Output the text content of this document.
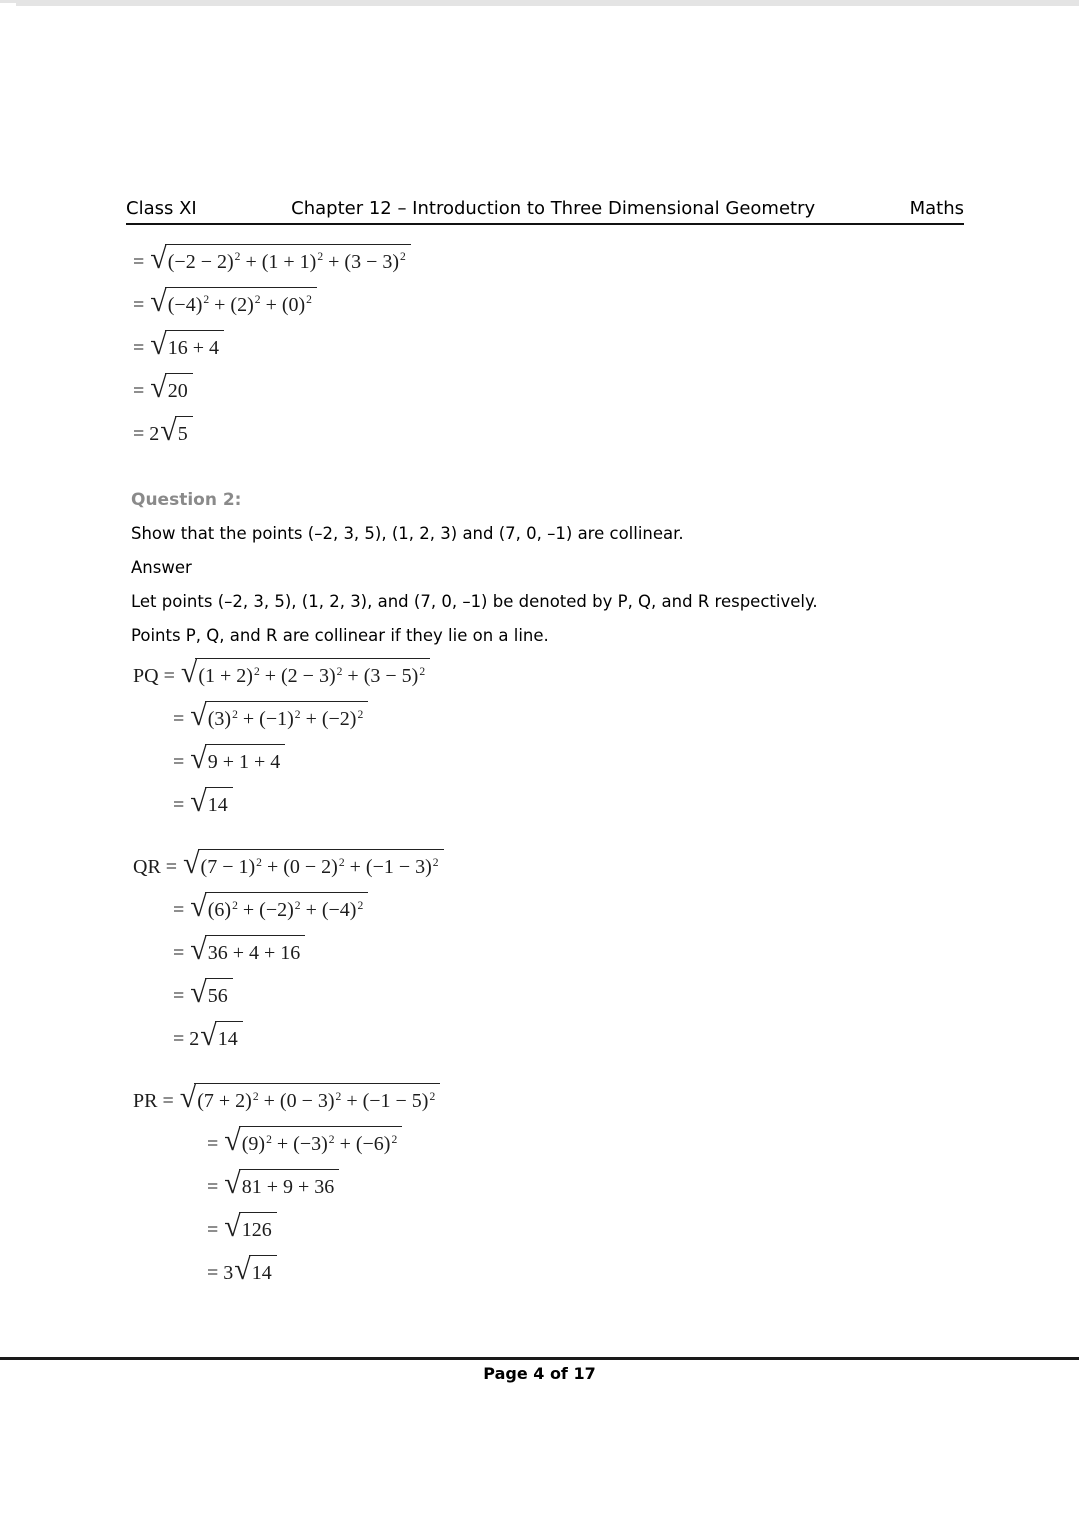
Class XI	Chapter 12 – Introduction to Three Dimensional Geometry	Maths
= √ $(-2 - 2)^2 + (1 + 1)^2 + (3 - 3)^2$
= √ $(-4)^2 + (2)^2 + (0)^2$
= √ 16 + 4
= √ 20
= 2 √ 5
Question 2:

Show that the points (–2, 3, 5), (1, 2, 3) and (7, 0, –1) are collinear.

Answer

Let points (–2, 3, 5), (1, 2, 3), and (7, 0, –1) be denoted by P, Q, and R respectively.

Points P, Q, and R are collinear if they lie on a line.

PQ = √ $(1 + 2)^2 + (2 - 3)^2 + (3 - 5)^2$
= √ $(3)^2 + (-1)^2 + (-2)^2$
= √ 9 + 1 + 4
= √ 14
QR = √ $(7 - 1)^2 + (0 - 2)^2 + (-1 - 3)^2$
= √ $(6)^2 + (-2)^2 + (-4)^2$
= √ 36 + 4 + 16
= √ 56
= 2 √ 14
PR = √ $(7 + 2)^2 + (0 - 3)^2 + (-1 - 5)^2$
= √ $(9)^2 + (-3)^2 + (-6)^2$
= √ 81 + 9 + 36
= √ 126
= 3 √ 14
Page 4 of 17
